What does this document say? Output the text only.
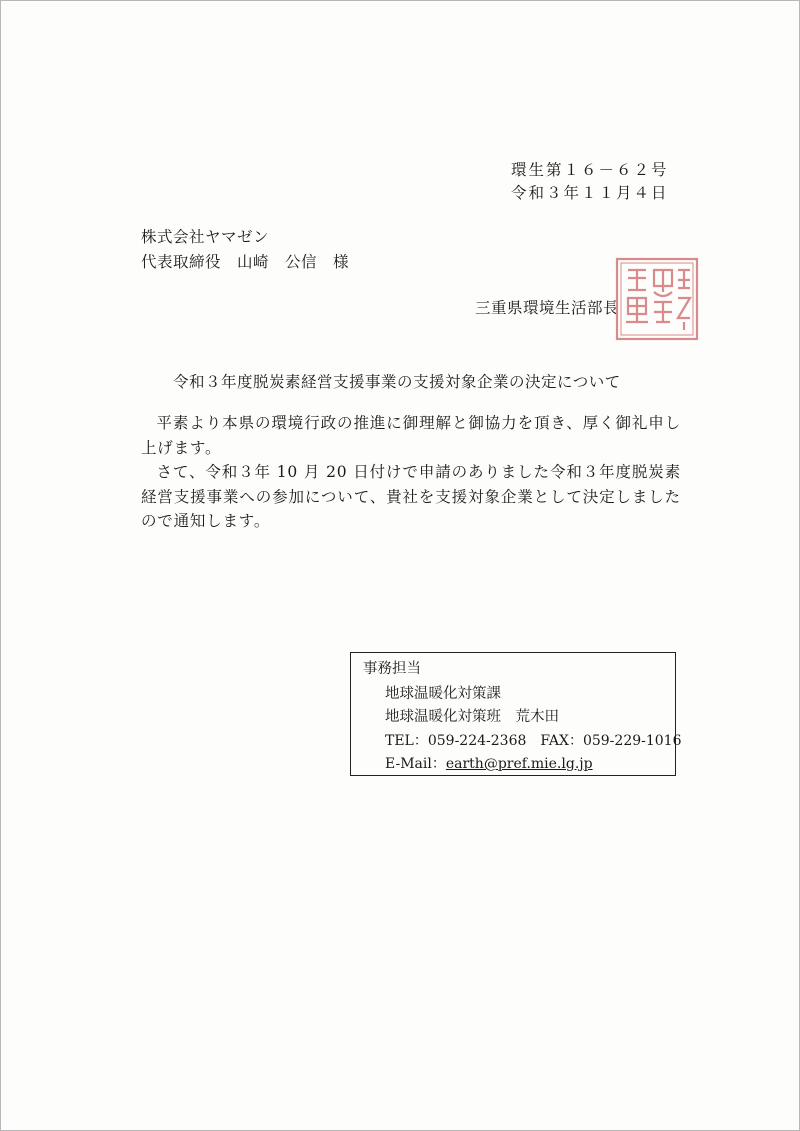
環生第１６－６２号
令和３年１１月４日
株式会社ヤマゼン
代表取締役　山崎　公信　様
三重県環境生活部長
令和３年度脱炭素経営支援事業の支援対象企業の決定について

平素より本県の環境行政の推進に御理解と御協力を頂き、厚く御礼申し上げます。

さて、令和３年 10 月 20 日付けで申請のありました令和３年度脱炭素経営支援事業への参加について、貴社を支援対象企業として決定しましたので通知します。

事務担当
地球温暖化対策課
地球温暖化対策班　荒木田
TEL：059-224-2368　FAX：059-229-1016
E-Mail：earth@pref.mie.lg.jp
